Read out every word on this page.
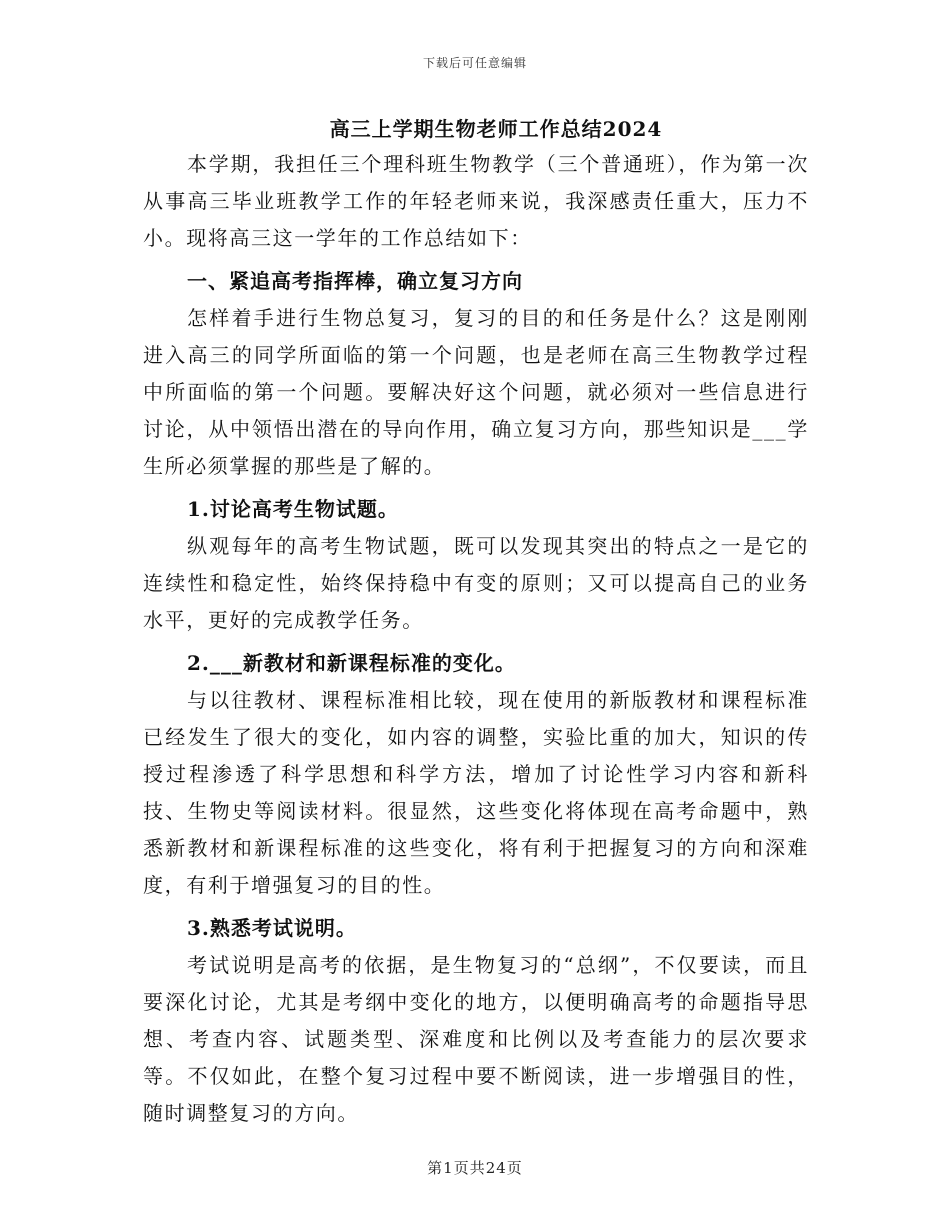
下载后可任意编辑
高三上学期生物老师工作总结2024

本学期，我担任三个理科班生物教学（三个普通班），作为第一次从事高三毕业班教学工作的年轻老师来说，我深感责任重大，压力不小。现将高三这一学年的工作总结如下：

一、紧追高考指挥棒，确立复习方向

怎样着手进行生物总复习，复习的目的和任务是什么？这是刚刚进入高三的同学所面临的第一个问题，也是老师在高三生物教学过程中所面临的第一个问题。要解决好这个问题，就必须对一些信息进行讨论，从中领悟出潜在的导向作用，确立复习方向，那些知识是___学生所必须掌握的那些是了解的。

1.讨论高考生物试题。

纵观每年的高考生物试题，既可以发现其突出的特点之一是它的连续性和稳定性，始终保持稳中有变的原则；又可以提高自己的业务水平，更好的完成教学任务。

2.___新教材和新课程标准的变化。

与以往教材、课程标准相比较，现在使用的新版教材和课程标准已经发生了很大的变化，如内容的调整，实验比重的加大，知识的传授过程渗透了科学思想和科学方法，增加了讨论性学习内容和新科技、生物史等阅读材料。很显然，这些变化将体现在高考命题中，熟悉新教材和新课程标准的这些变化，将有利于把握复习的方向和深难度，有利于增强复习的目的性。

3.熟悉考试说明。

考试说明是高考的依据，是生物复习的“总纲”，不仅要读，而且要深化讨论，尤其是考纲中变化的地方，以便明确高考的命题指导思想、考查内容、试题类型、深难度和比例以及考查能力的层次要求等。不仅如此，在整个复习过程中要不断阅读，进一步增强目的性，随时调整复习的方向。

第1页共24页
